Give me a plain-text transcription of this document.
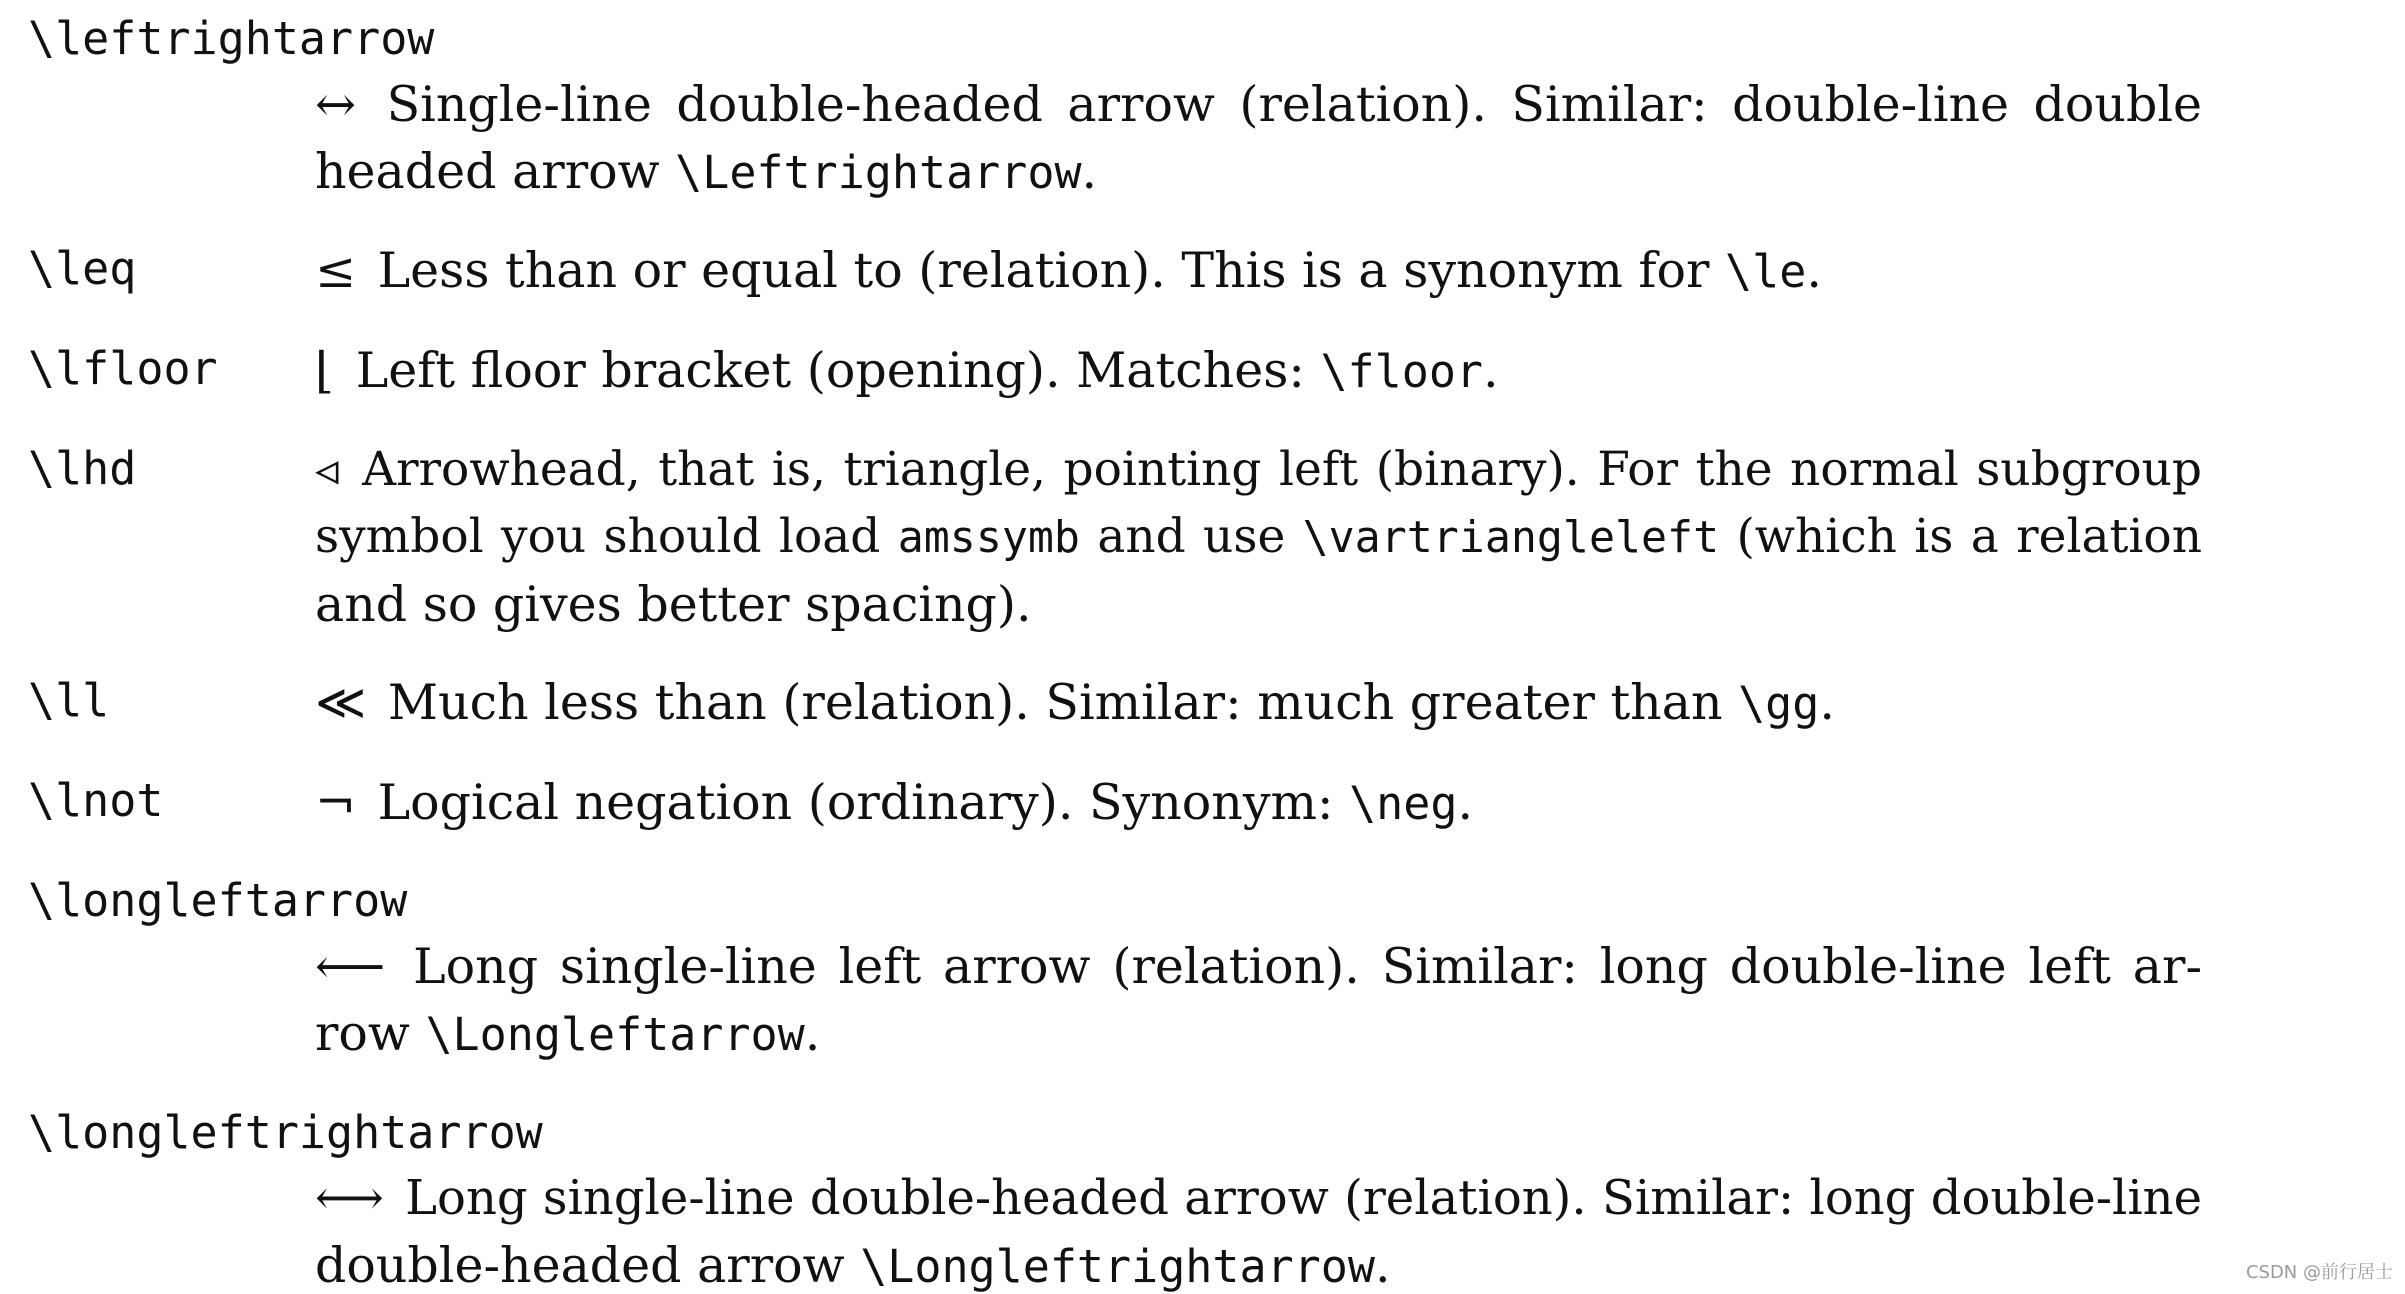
\leftrightarrow
↔ Single-line double-headed arrow (relation). Similar: double-line double
headed arrow \Leftrightarrow.
\leq	≤ Less than or equal to (relation). This is a synonym for \le.
\lfloor ⌊ Left floor bracket (opening). Matches: \floor.
\lhd	◃ Arrowhead, that is, triangle, pointing left (binary). For the normal subgroup
symbol you should load amssymb and use \vartriangleleft (which is a relation
and so gives better spacing).
\ll	≪ Much less than (relation). Similar: much greater than \gg.
\lnot	¬ Logical negation (ordinary). Synonym: \neg.
\longleftarrow
⟵ Long single-line left arrow (relation). Similar: long double-line left ar-
row \Longleftarrow.
\longleftrightarrow
⟷ Long single-line double-headed arrow (relation). Similar: long double-line
double-headed arrow \Longleftrightarrow.	CSDN @前行居士
